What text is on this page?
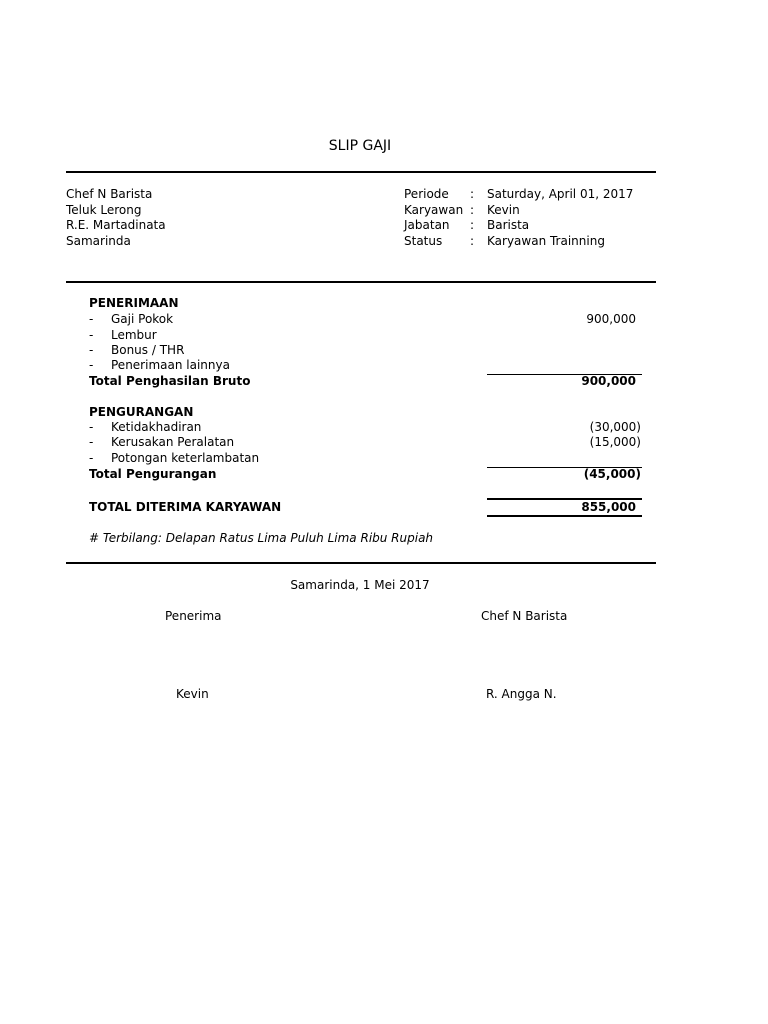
SLIP GAJI
Chef N Barista
Teluk Lerong
R.E. Martadinata
Samarinda
Periode : Saturday, April 01, 2017
Karyawan : Kevin
Jabatan : Barista
Status : Karyawan Trainning
PENERIMAAN
- Gaji Pokok	900,000
- Lembur
- Bonus / THR
- Penerimaan lainnya
Total Penghasilan Bruto	900,000
PENGURANGAN
- Ketidakhadiran	(30,000)
- Kerusakan Peralatan	(15,000)
- Potongan keterlambatan
Total Pengurangan	(45,000)
TOTAL DITERIMA KARYAWAN	855,000
# Terbilang: Delapan Ratus Lima Puluh Lima Ribu Rupiah
Samarinda, 1 Mei 2017
Penerima	Chef N Barista
Kevin	R. Angga N.
